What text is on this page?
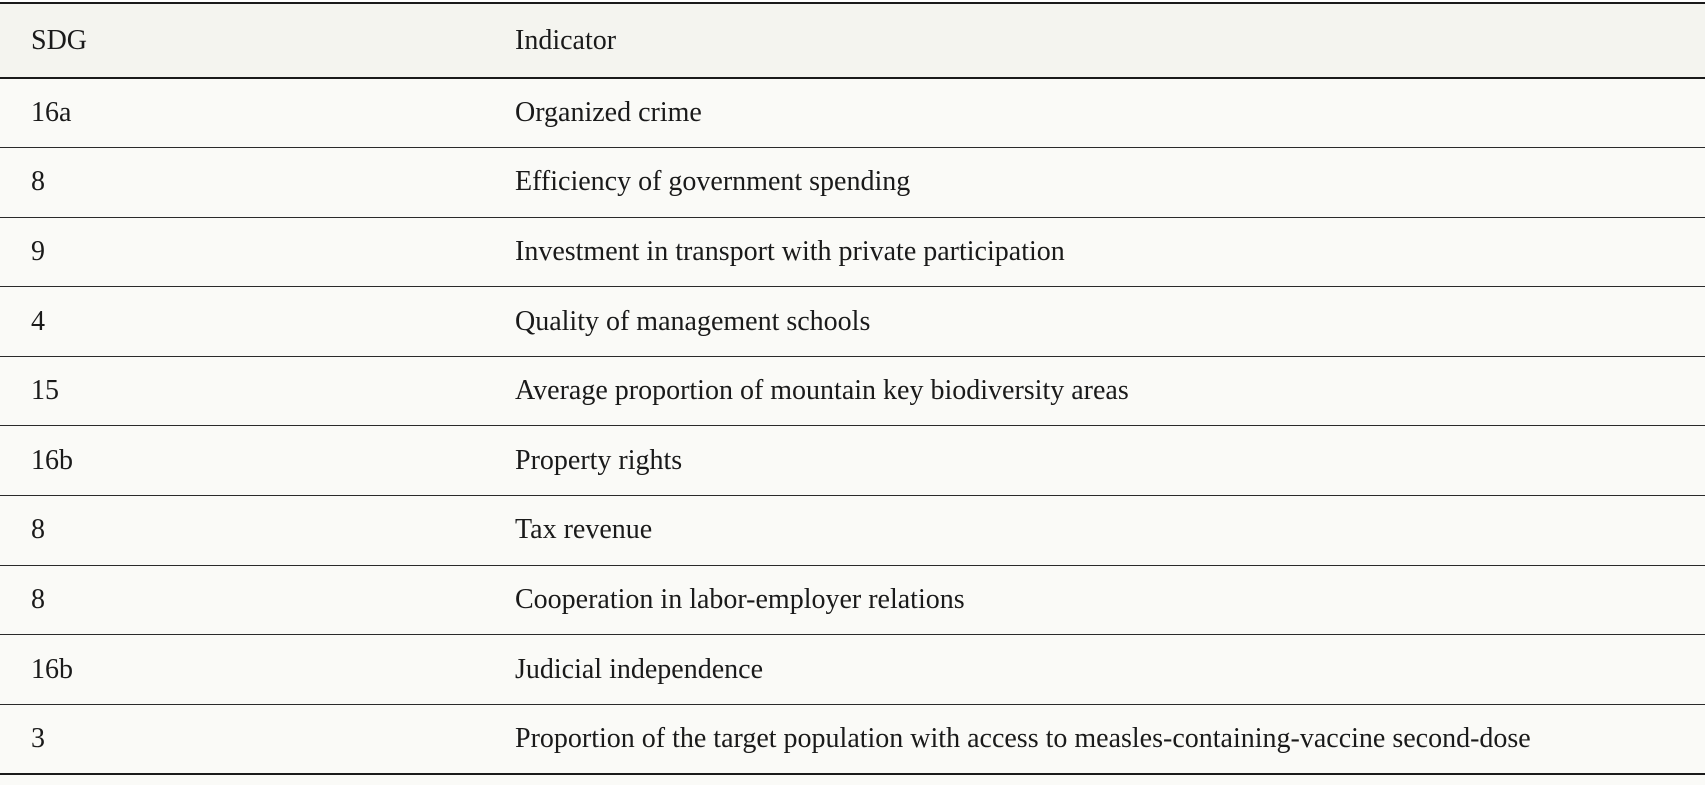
SDG	Indicator
16a	Organized crime
8	Efficiency of government spending
9	Investment in transport with private participation
4	Quality of management schools
15	Average proportion of mountain key biodiversity areas
16b	Property rights
8	Tax revenue
8	Cooperation in labor-employer relations
16b	Judicial independence
3	Proportion of the target population with access to measles-containing-vaccine second-dose
